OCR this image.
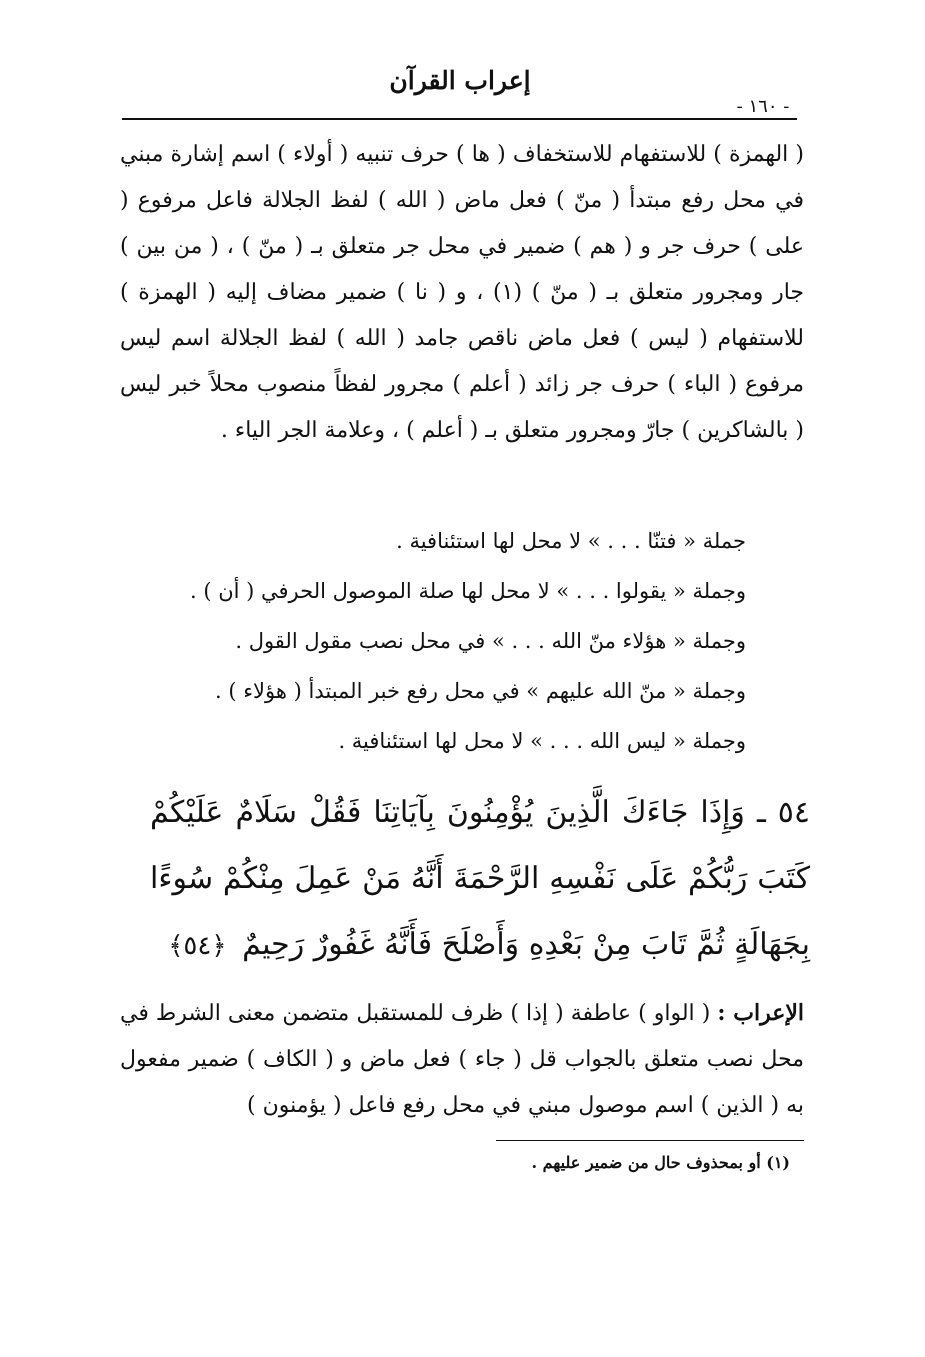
إعراب القرآن
- ١٦٠ -

( الهمزة ) للاستفهام للاستخفاف ( ها ) حرف تنبيه ( أولاء ) اسم إشارة مبني في محل رفع مبتدأ ( منّ ) فعل ماض ( الله ) لفظ الجلالة فاعل مرفوع ( على ) حرف جر و ( هم ) ضمير في محل جر متعلق بـ ( منّ ) ، ( من بين ) جار ومجرور متعلق بـ ( منّ ) (١) ، و ( نا ) ضمير مضاف إليه ( الهمزة ) للاستفهام ( ليس ) فعل ماض ناقص جامد ( الله ) لفظ الجلالة اسم ليس مرفوع ( الباء ) حرف جر زائد ( أعلم ) مجرور لفظاً منصوب محلاً خبر ليس ( بالشاكرين ) جارّ ومجرور متعلق بـ ( أعلم ) ، وعلامة الجر الياء .

جملة « فتنّا . . . » لا محل لها استئنافية .

وجملة « يقولوا . . . » لا محل لها صلة الموصول الحرفي ( أن ) .

وجملة « هؤلاء منّ الله . . . » في محل نصب مقول القول .

وجملة « منّ الله عليهم » في محل رفع خبر المبتدأ ( هؤلاء ) .

وجملة « ليس الله . . . » لا محل لها استئنافية .

٥٤ ـ وَإِذَا جَاءَكَ الَّذِينَ يُؤْمِنُونَ بِآيَاتِنَا فَقُلْ سَلَامٌ عَلَيْكُمْ كَتَبَ رَبُّكُمْ عَلَى نَفْسِهِ الرَّحْمَةَ أَنَّهُ مَنْ عَمِلَ مِنْكُمْ سُوءًا بِجَهَالَةٍ ثُمَّ تَابَ مِنْ بَعْدِهِ وَأَصْلَحَ فَأَنَّهُ غَفُورٌ رَحِيمٌ ﴿٥٤﴾

الإعراب : ( الواو ) عاطفة ( إذا ) ظرف للمستقبل متضمن معنى الشرط في محل نصب متعلق بالجواب قل ( جاء ) فعل ماض و ( الكاف ) ضمير مفعول به ( الذين ) اسم موصول مبني في محل رفع فاعل ( يؤمنون )

(١) أو بمحذوف حال من ضمير عليهم .
